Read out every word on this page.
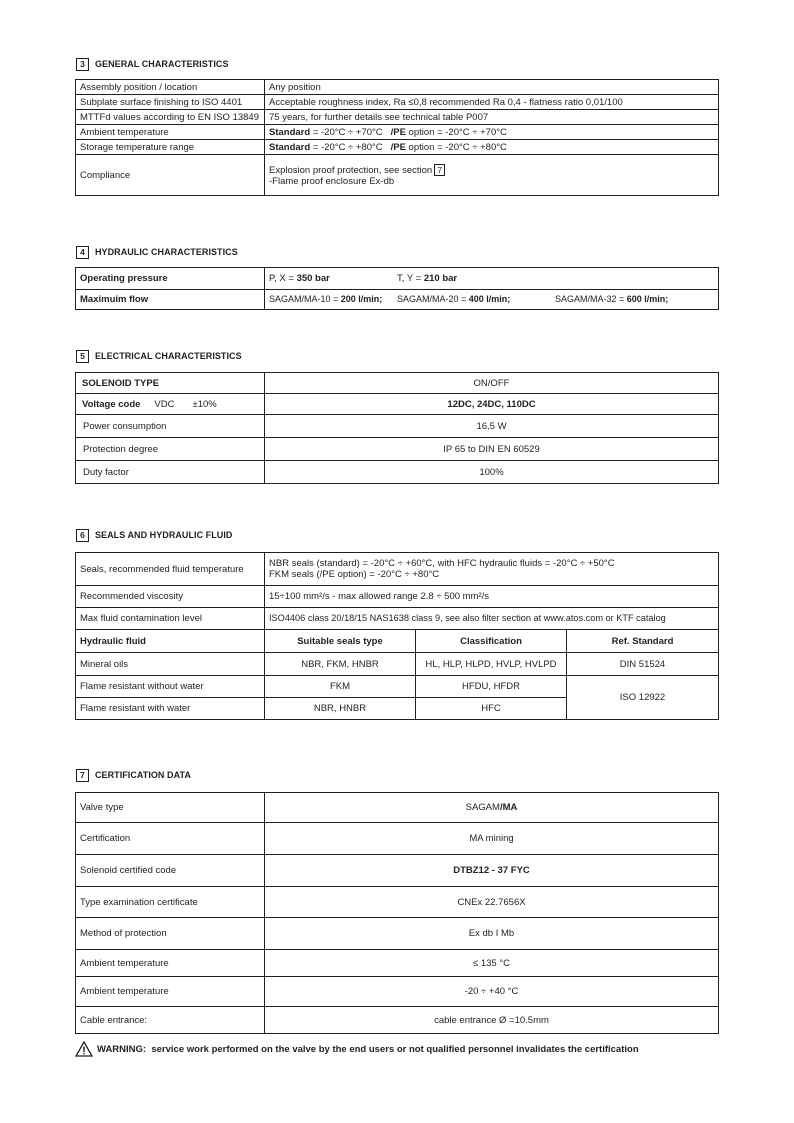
3	GENERAL CHARACTERISTICS
Assembly position / location	Any position
Subplate surface finishing to ISO 4401	Acceptable roughness index, Ra ≤0,8 recommended Ra 0,4 - flatness ratio 0,01/100
MTTFd values according to EN ISO 13849	75 years, for further details see technical table P007
Ambient temperature	Standard = -20°C ÷ +70°C /PE option = -20°C ÷ +70°C
Storage temperature range	Standard = -20°C ÷ +80°C /PE option = -20°C ÷ +80°C
Compliance	Explosion proof protection, see section 7
-Flame proof enclosure Ex-db
4	HYDRAULIC CHARACTERISTICS
Operating pressure	P, X = 350 bar T, Y = 210 bar
Maximuim flow	SAGAM/MA-10 = 200 l/min; SAGAM/MA-20 = 400 l/min; SAGAM/MA-32 = 600 l/min;
5	ELECTRICAL CHARACTERISTICS
SOLENOID TYPE	ON/OFF
Voltage code VDC ±10%	12DC, 24DC, 110DC
Power consumption	16,5 W
Protection degree	IP 65 to DIN EN 60529
Duty factor	100%
6	SEALS AND HYDRAULIC FLUID
Seals, recommended fluid temperature	NBR seals (standard) = -20°C ÷ +60°C, with HFC hydraulic fluids = -20°C ÷ +50°C
FKM seals (/PE option) = -20°C ÷ +80°C		

Recommended viscosity	15÷100 mm²/s - max allowed range 2.8 ÷ 500 mm²/s		
Max fluid contamination level	ISO4406 class 20/18/15 NAS1638 class 9, see also filter section at www.atos.com or KTF catalog		
Hydraulic fluid	Suitable seals type	Classification	Ref. Standard
Mineral oils	NBR, FKM, HNBR	HL, HLP, HLPD, HVLP, HVLPD	DIN 51524
Flame resistant without water	FKM	HFDU, HFDR	ISO 12922
Flame resistant with water	NBR, HNBR	HFC	
7	CERTIFICATION DATA
Valve type	SAGAM/MA
Certification	MA mining
Solenoid certified code	DTBZ12 - 37 FYC
Type examination certificate	CNEx 22.7656X
Method of protection	Ex db I Mb
Ambient temperature	≤ 135 °C
Ambient temperature	-20 ÷ +40 °C
Cable entrance:	cable entrance Ø =10.5mm
WARNING:
service work performed on the valve by the end users or not qualified personnel invalidates the certification
